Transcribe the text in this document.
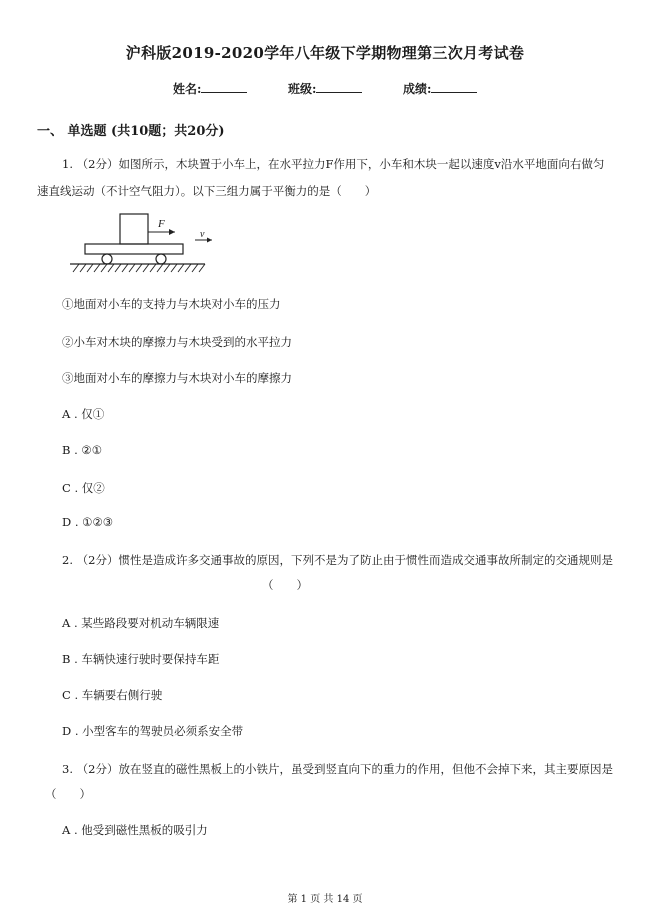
沪科版2019-2020学年八年级下学期物理第三次月考试卷
姓名:	班级:	成绩:
一、 单选题 (共10题；共20分)
1. （2分）如图所示，木块置于小车上，在水平拉力F作用下，小车和木块一起以速度v沿水平地面向右做匀
速直线运动（不计空气阻力）。以下三组力属于平衡力的是（　　）
F
v
①地面对小车的支持力与木块对小车的压力
②小车对木块的摩擦力与木块受到的水平拉力
③地面对小车的摩擦力与木块对小车的摩擦力
A . 仅①
B . ②①
C . 仅②
D . ①②③
2. （2分）惯性是造成许多交通事故的原因，下列不是为了防止由于惯性而造成交通事故所制定的交通规则是
（　　）
A . 某些路段要对机动车辆限速
B . 车辆快速行驶时要保持车距
C . 车辆要右侧行驶
D . 小型客车的驾驶员必须系安全带
3. （2分）放在竖直的磁性黑板上的小铁片，虽受到竖直向下的重力的作用，但他不会掉下来，其主要原因是
（　　）
A . 他受到磁性黑板的吸引力
第 1 页 共 14 页
